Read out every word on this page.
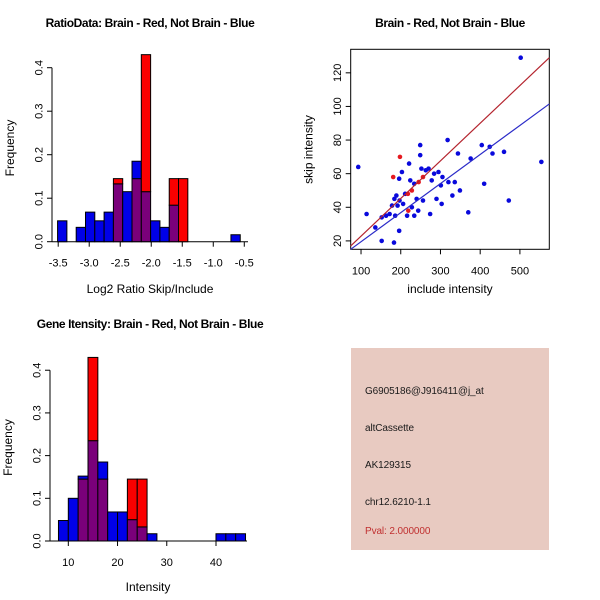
RatioData: Brain - Red, Not Brain - Blue
Log2 Ratio Skip/Include
Frequency
-3.5 -3.0 -2.5 -2.0 -1.5 -1.0 -0.5
0.0
0.1
0.2
0.3
0.4
Brain - Red, Not Brain - Blue
include intensity
skip intensity
100 200 300 400 500
20
40
60
80
100
120
Gene Itensity: Brain - Red, Not Brain - Blue
Intensity
Frequency
10	20	30	40
0.0
0.1
0.2
0.3
0.4
G6905186@J916411@j_at
altCassette
AK129315
chr12.6210-1.1
Pval: 2.000000
